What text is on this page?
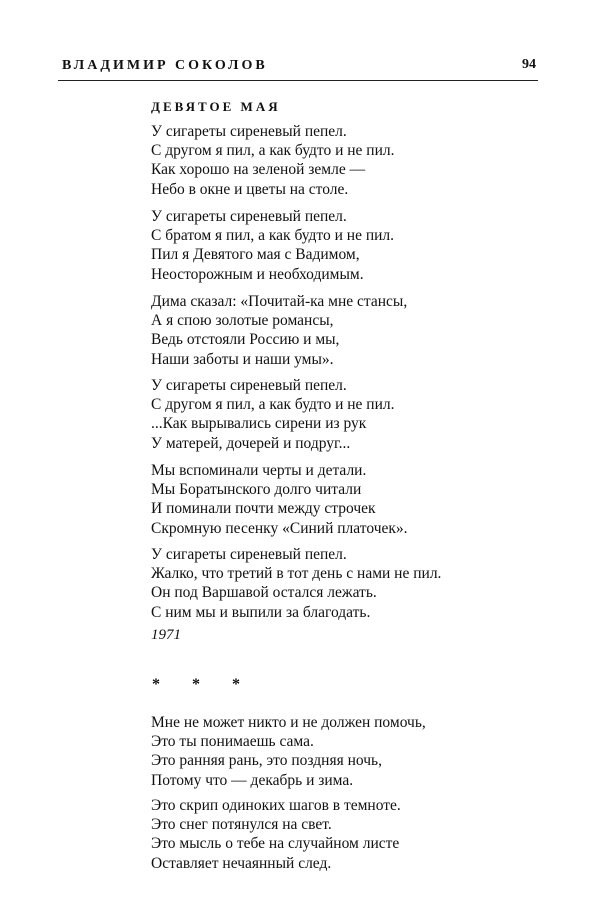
ВЛАДИМИР СОКОЛОВ	94
ДЕВЯТОЕ МАЯ
У сигареты сиреневый пепел.
С другом я пил, а как будто и не пил.
Как хорошо на зеленой земле —
Небо в окне и цветы на столе.
У сигареты сиреневый пепел.
С братом я пил, а как будто и не пил.
Пил я Девятого мая с Вадимом,
Неосторожным и необходимым.
Дима сказал: «Почитай-ка мне стансы,
А я спою золотые романсы,
Ведь отстояли Россию и мы,
Наши заботы и наши умы».
У сигареты сиреневый пепел.
С другом я пил, а как будто и не пил.
...Как вырывались сирени из рук
У матерей, дочерей и подруг...
Мы вспоминали черты и детали.
Мы Боратынского долго читали
И поминали почти между строчек
Скромную песенку «Синий платочек».
У сигареты сиреневый пепел.
Жалко, что третий в тот день с нами не пил.
Он под Варшавой остался лежать.
С ним мы и выпили за благодать.
1971
* * *
Мне не может никто и не должен помочь,
Это ты понимаешь сама.
Это ранняя рань, это поздняя ночь,
Потому что — декабрь и зима.
Это скрип одиноких шагов в темноте.
Это снег потянулся на свет.
Это мысль о тебе на случайном листе
Оставляет нечаянный след.
